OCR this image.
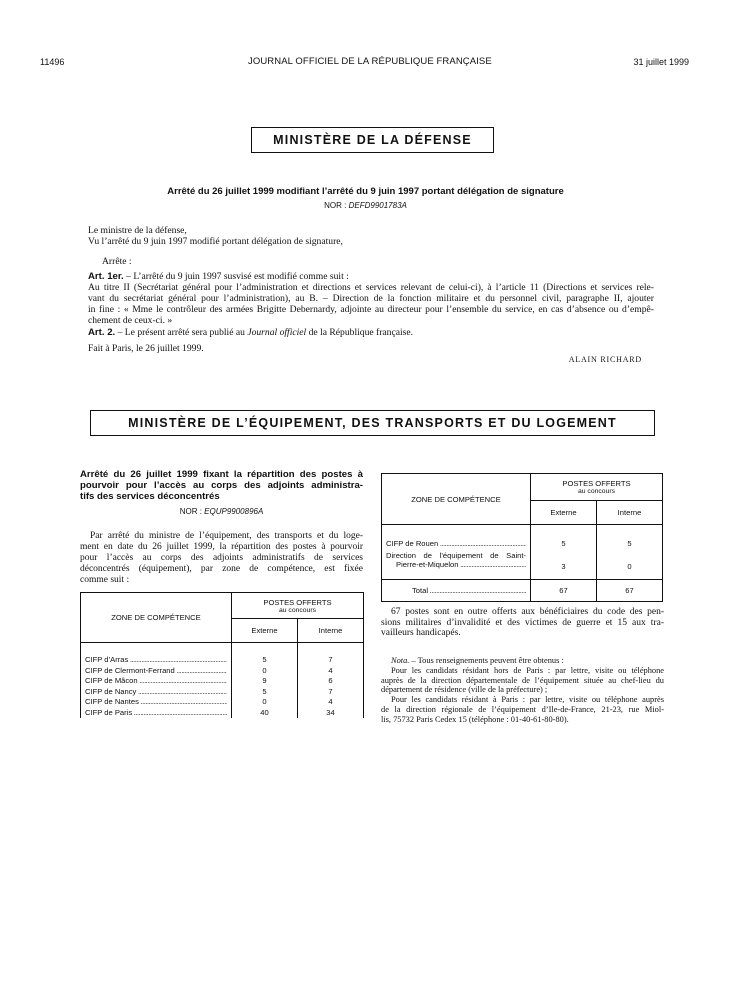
11496	JOURNAL OFFICIEL DE LA RÉPUBLIQUE FRANÇAISE	31 juillet 1999
MINISTÈRE DE LA DÉFENSE
Arrêté du 26 juillet 1999 modifiant l’arrêté du 9 juin 1997 portant délégation de signature
NOR : DEFD9901783A
Le ministre de la défense,
Vu l’arrêté du 9 juin 1997 modifié portant délégation de signature,
Arrête :
Art. 1er. – L’arrêté du 9 juin 1997 susvisé est modifié comme suit :
Au titre II (Secrétariat général pour l’administration et directions et services relevant de celui-ci), à l’article 11 (Directions et services rele-
vant du secrétariat général pour l’administration), au B. – Direction de la fonction militaire et du personnel civil, paragraphe II, ajouter
in fine : « Mme le contrôleur des armées Brigitte Debernardy, adjointe au directeur pour l’ensemble du service, en cas d’absence ou d’empê-
chement de ceux-ci. »
Art. 2. – Le présent arrêté sera publié au Journal officiel de la République française.
Fait à Paris, le 26 juillet 1999.
ALAIN RICHARD
MINISTÈRE DE L’ÉQUIPEMENT, DES TRANSPORTS ET DU LOGEMENT
Arrêté du 26 juillet 1999 fixant la répartition des postes à
pourvoir pour l’accès au corps des adjoints administra-
tifs des services déconcentrés
NOR : EQUP9900896A
Par arrêté du ministre de l’équipement, des transports et du loge-
ment en date du 26 juillet 1999, la répartition des postes à pourvoir
pour l’accès au corps des adjoints administratifs de services
déconcentrés (équipement), par zone de compétence, est fixée
comme suit :
ZONE DE COMPÉTENCE	POSTES OFFERTS
au concours	

	Externe	Interne

CIFP d’Arras .....	5	7

CIFP de Clermont-Ferrand .....	0	4

CIFP de Mâcon .....	9	6

CIFP de Nancy .....	5	7

CIFP de Nantes .....	0	4

CIFP de Paris .....	40	34
ZONE DE COMPÉTENCE	POSTES OFFERTS
au concours	

	Externe	Interne

CIFP de Rouen .....	5	5

Direction de l’équipement de Saint-
Pierre-et-Miquelon .....	3	0

Total .....	67	67
67 postes sont en outre offerts aux bénéficiaires du code des pen-
sions militaires d’invalidité et des victimes de guerre et 15 aux tra-
vailleurs handicapés.
Nota. – Tous renseignements peuvent être obtenus :
Pour les candidats résidant hors de Paris : par lettre, visite ou téléphone
auprès de la direction départementale de l’équipement située au chef-lieu du
département de résidence (ville de la préfecture) ;
Pour les candidats résidant à Paris : par lettre, visite ou téléphone auprès
de la direction régionale de l’équipement d’Ile-de-France, 21-23, rue Miol-
lis, 75732 Paris Cedex 15 (téléphone : 01-40-61-80-80).
